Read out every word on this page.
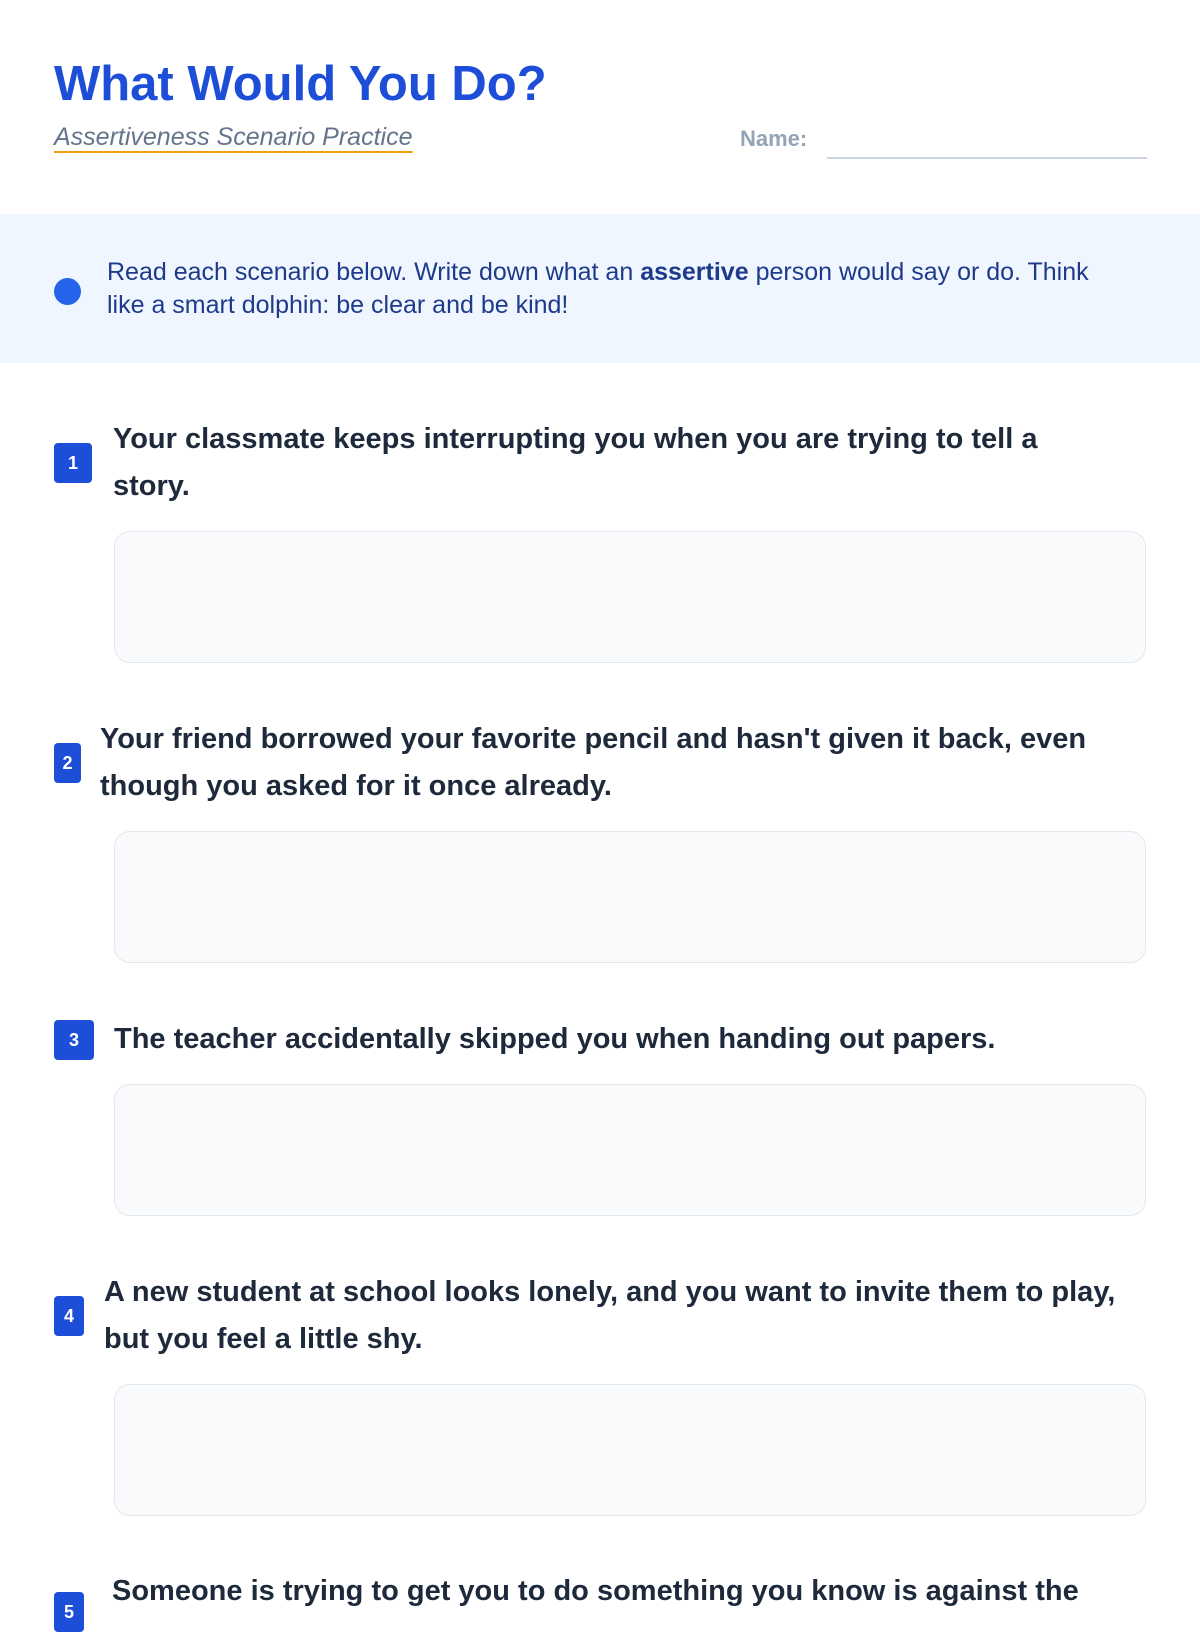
What Would You Do?
Assertiveness Scenario Practice	Name:
Read each scenario below. Write down what an assertive person would say or do. Think like a smart dolphin: be clear and be kind!
1
Your classmate keeps interrupting you when you are trying to tell a story.
2
Your friend borrowed your favorite pencil and hasn't given it back, even though you asked for it once already.
3	The teacher accidentally skipped you when handing out papers.
4
A new student at school looks lonely, and you want to invite them to play, but you feel a little shy.
5
Someone is trying to get you to do something you know is against the
